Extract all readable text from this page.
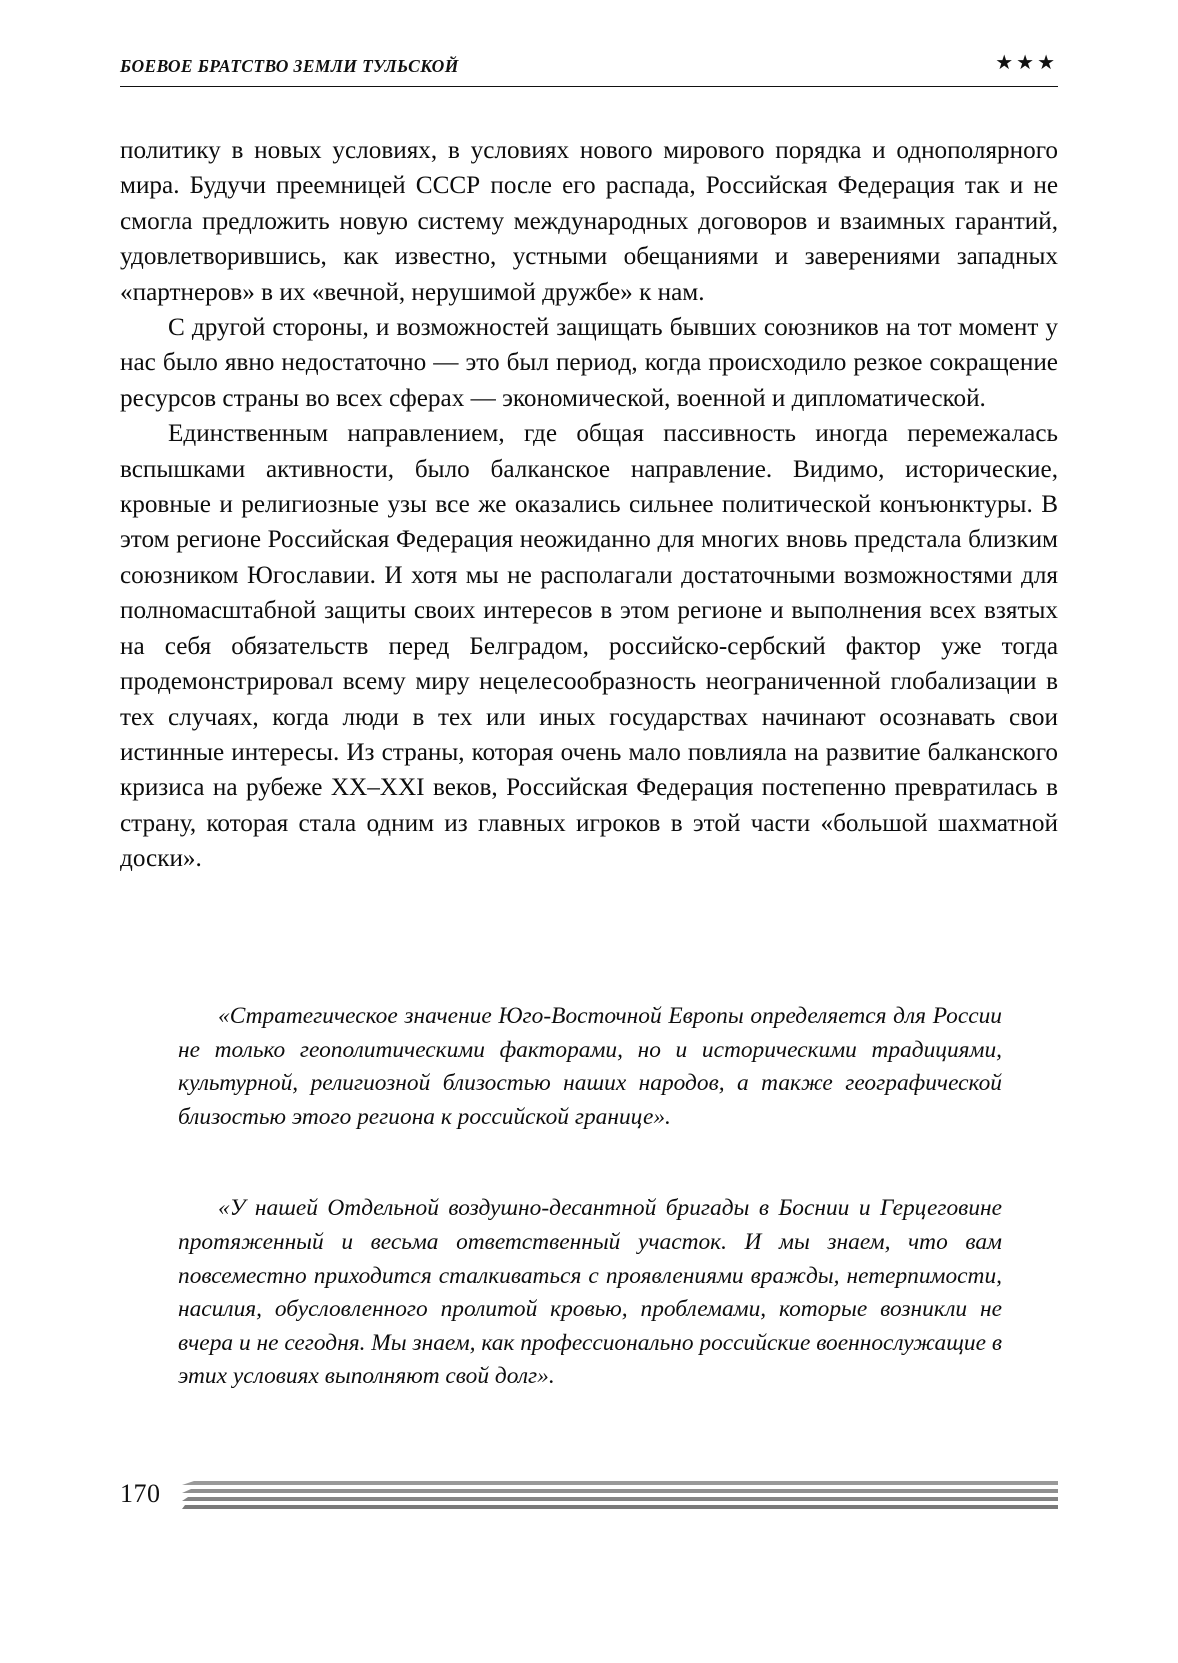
БОЕВОЕ БРАТСТВО ЗЕМЛИ ТУЛЬСКОЙ	★★★

политику в новых условиях, в условиях нового мирового порядка и однополярного мира. Будучи преемницей СССР после его распада, Российская Федерация так и не смогла предложить новую систему международных договоров и взаимных гарантий, удовлетворившись, как известно, устными обещаниями и заверениями западных «партнеров» в их «вечной, нерушимой дружбе» к нам.

С другой стороны, и возможностей защищать бывших союзников на тот момент у нас было явно недостаточно — это был период, когда происходило резкое сокращение ресурсов страны во всех сферах — экономической, военной и дипломатической.

Единственным направлением, где общая пассивность иногда перемежалась вспышками активности, было балканское направление. Видимо, исторические, кровные и религиозные узы все же оказались сильнее политической конъюнктуры. В этом регионе Российская Федерация неожиданно для многих вновь предстала близким союзником Югославии. И хотя мы не располагали достаточными возможностями для полномасштабной защиты своих интересов в этом регионе и выполнения всех взятых на себя обязательств перед Белградом, российско-сербский фактор уже тогда продемонстрировал всему миру нецелесообразность неограниченной глобализации в тех случаях, когда люди в тех или иных государствах начинают осознавать свои истинные интересы. Из страны, которая очень мало повлияла на развитие балканского кризиса на рубеже XX–XXI веков, Российская Федерация постепенно превратилась в страну, которая стала одним из главных игроков в этой части «большой шахматной доски».

«Стратегическое значение Юго-Восточной Европы определяется для России не только геополитическими факторами, но и историческими традициями, культурной, религиозной близостью наших народов, а также географической близостью этого региона к российской границе».

«У нашей Отдельной воздушно-десантной бригады в Боснии и Герцеговине протяженный и весьма ответственный участок. И мы знаем, что вам повсеместно приходится сталкиваться с проявлениями вражды, нетерпимости, насилия, обусловленного пролитой кровью, проблемами, которые возникли не вчера и не сегодня. Мы знаем, как профессионально российские военнослужащие в этих условиях выполняют свой долг».

170
